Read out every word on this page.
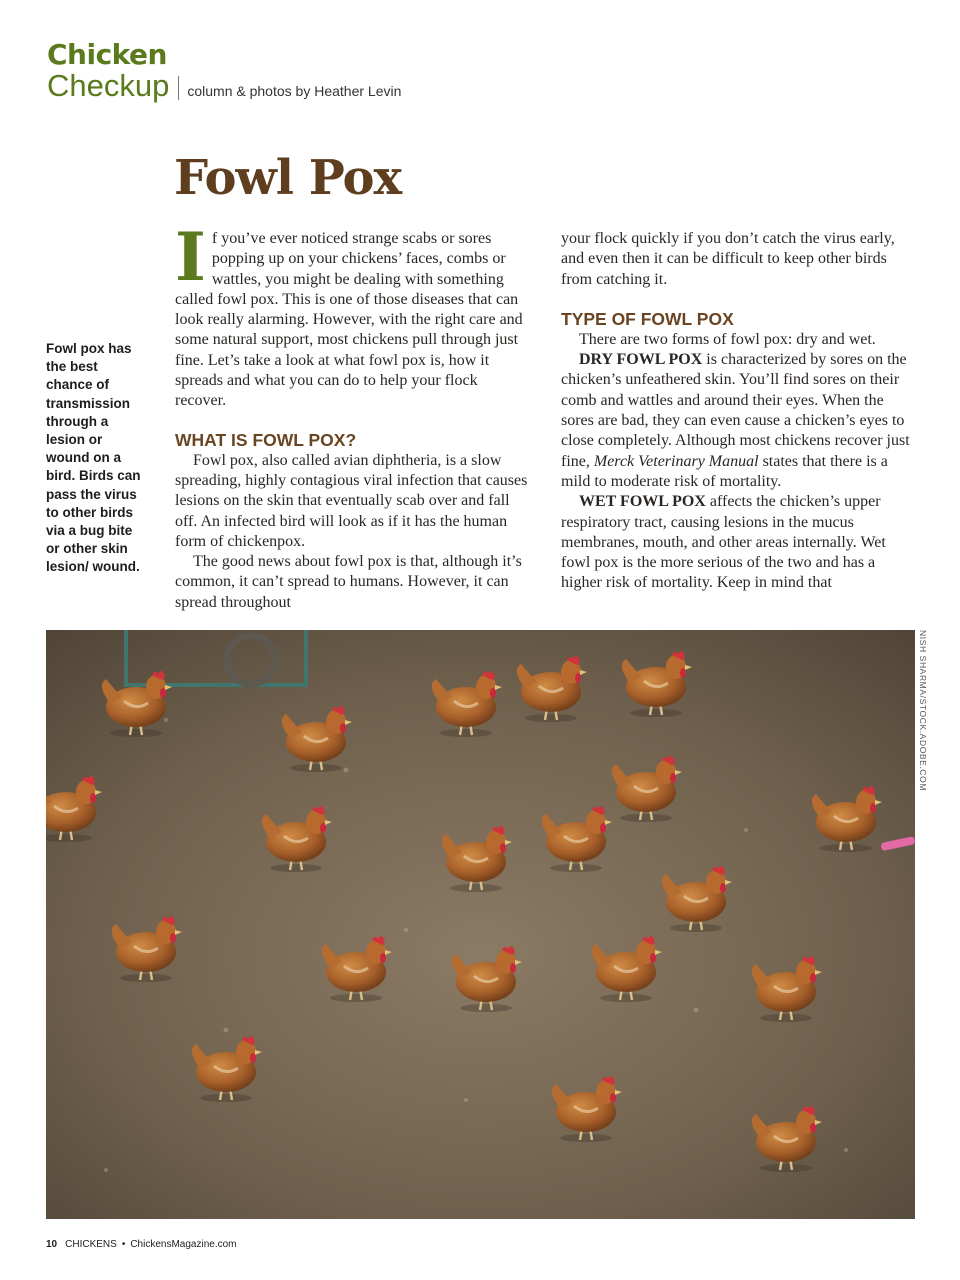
Chicken
Checkup column & photos by Heather Levin
Fowl Pox
Fowl pox has the best chance of transmission through a lesion or wound on a bird. Birds can pass the virus to other birds via a bug bite or other skin lesion/ wound.

If you’ve ever noticed strange scabs or sores popping up on your chickens’ faces, combs or wattles, you might be dealing with something called fowl pox. This is one of those diseases that can look really alarming. However, with the right care and some natural support, most chickens pull through just fine. Let’s take a look at what fowl pox is, how it spreads and what you can do to help your flock recover.

WHAT IS FOWL POX?

Fowl pox, also called avian diphtheria, is a slow spreading, highly contagious viral infection that causes lesions on the skin that eventually scab over and fall off. An infected bird will look as if it has the human form of chickenpox.

The good news about fowl pox is that, although it’s common, it can’t spread to humans. However, it can spread throughout

your flock quickly if you don’t catch the virus early, and even then it can be difficult to keep other birds from catching it.

TYPE OF FOWL POX

There are two forms of fowl pox: dry and wet.

DRY FOWL POX is characterized by sores on the chicken’s unfeathered skin. You’ll find sores on their comb and wattles and around their eyes. When the sores are bad, they can even cause a chicken’s eyes to close completely. Although most chickens recover just fine, Merck Veterinary Manual states that there is a mild to moderate risk of mortality.

WET FOWL POX affects the chicken’s upper respiratory tract, causing lesions in the mucus membranes, mouth, and other areas internally. Wet fowl pox is the more serious of the two and has a higher risk of mortality. Keep in mind that

NISH SHARMA/STOCK.ADOBE.COM
10 CHICKENS • ChickensMagazine.com
